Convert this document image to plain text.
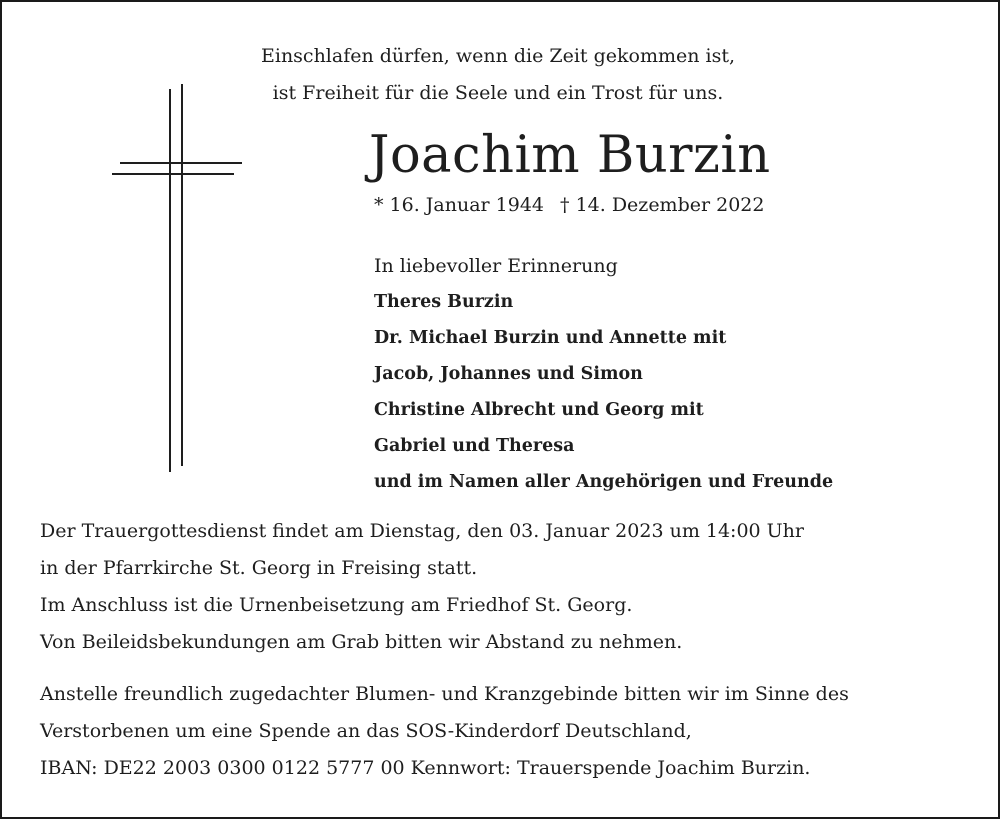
Einschlafen dürfen, wenn die Zeit gekommen ist,
ist Freiheit für die Seele und ein Trost für uns.
Joachim Burzin
* 16. Januar 1944 † 14. Dezember 2022
In liebevoller Erinnerung
Theres Burzin
Dr. Michael Burzin und Annette mit
Jacob, Johannes und Simon
Christine Albrecht und Georg mit
Gabriel und Theresa
und im Namen aller Angehörigen und Freunde
Der Trauergottesdienst findet am Dienstag, den 03. Januar 2023 um 14:00 Uhr
in der Pfarrkirche St. Georg in Freising statt.
Im Anschluss ist die Urnenbeisetzung am Friedhof St. Georg.
Von Beileidsbekundungen am Grab bitten wir Abstand zu nehmen.
Anstelle freundlich zugedachter Blumen- und Kranzgebinde bitten wir im Sinne des
Verstorbenen um eine Spende an das SOS-Kinderdorf Deutschland,
IBAN: DE22 2003 0300 0122 5777 00 Kennwort: Trauerspende Joachim Burzin.
